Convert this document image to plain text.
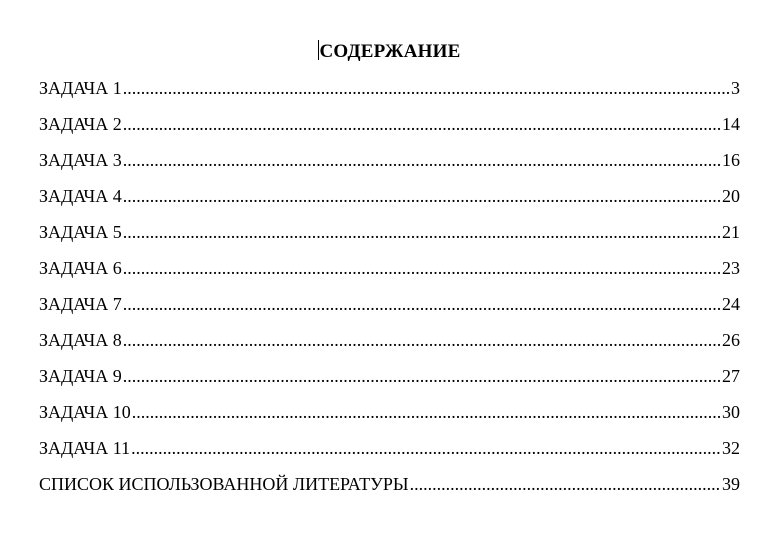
СОДЕРЖАНИЕ
ЗАДАЧА 1 .....	3
ЗАДАЧА 2 .....	14
ЗАДАЧА 3 .....	16
ЗАДАЧА 4 .....	20
ЗАДАЧА 5 .....	21
ЗАДАЧА 6 .....	23
ЗАДАЧА 7 .....	24
ЗАДАЧА 8 .....	26
ЗАДАЧА 9 .....	27
ЗАДАЧА 10 .....	30
ЗАДАЧА 11 .....	32
СПИСОК ИСПОЛЬЗОВАННОЙ ЛИТЕРАТУРЫ .....	39
